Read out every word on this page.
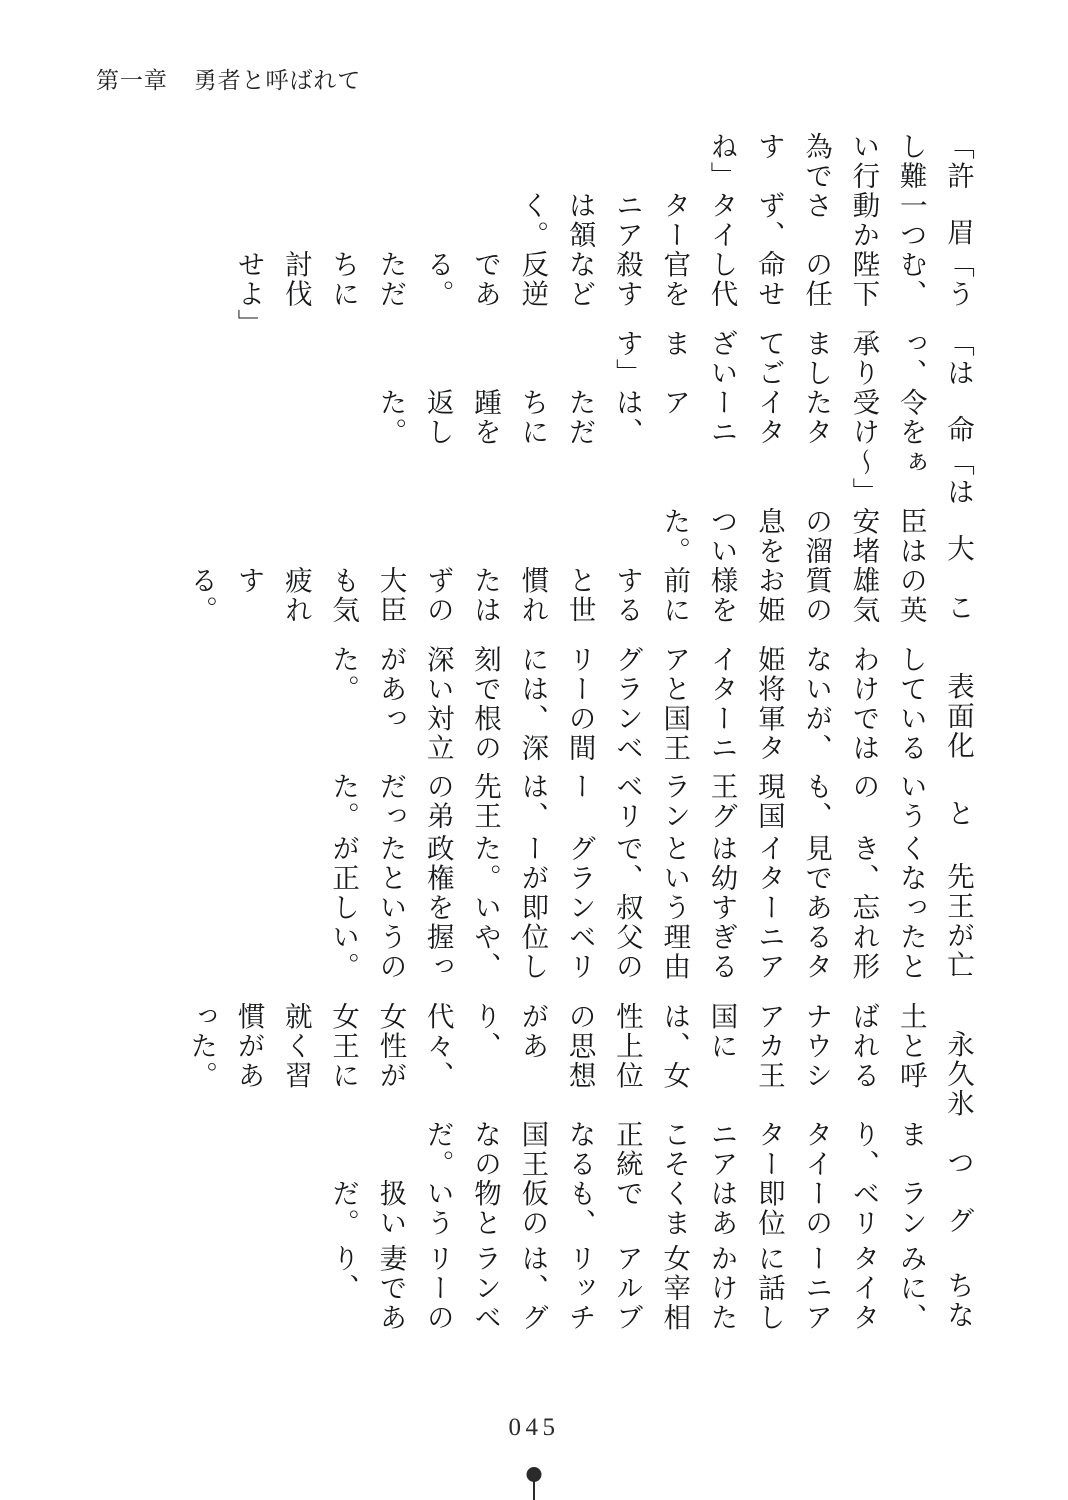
第一章 勇者と呼ばれて

「許し難い行為ですね」

眉一つ動かさず、タイターニアは頷く。

「うむ、陛下の任命せし代官を殺すなど反逆である。ただちに討伐せよ」

「はっ、承りましてございます」

命令を受けたタイターニアは、ただちに踵を返した。

「はぁ～」

大臣は安堵の溜息をついた。

この英雄気質のお姫様を前にすると世慣れたはずの大臣も気疲れする。

表面化しているわけではないが、姫将軍タイターニアと国王グランベリーの間には、深刻で根の深い対立があった。

というのも、現国王グランベリーは、先王の弟だった。

先王が亡くなったとき、忘れ形見であるタイターニアは幼すぎるという理由で、叔父のグランベリーが即位した。いや、政権を握ったというのが正しい。

永久氷土と呼ばれるナウシアカ王国には、女性上位の思想があり、代々、女性が女王に就く習慣があった。

つまり、タイターニアこそ正統なる国王なのだ。

グランベリーの即位はあくまでも、仮の物という扱いだ。

ちなみに、タイターニアに話しかけた女宰相アルブリッチは、グランベリーの妻であり、

045
